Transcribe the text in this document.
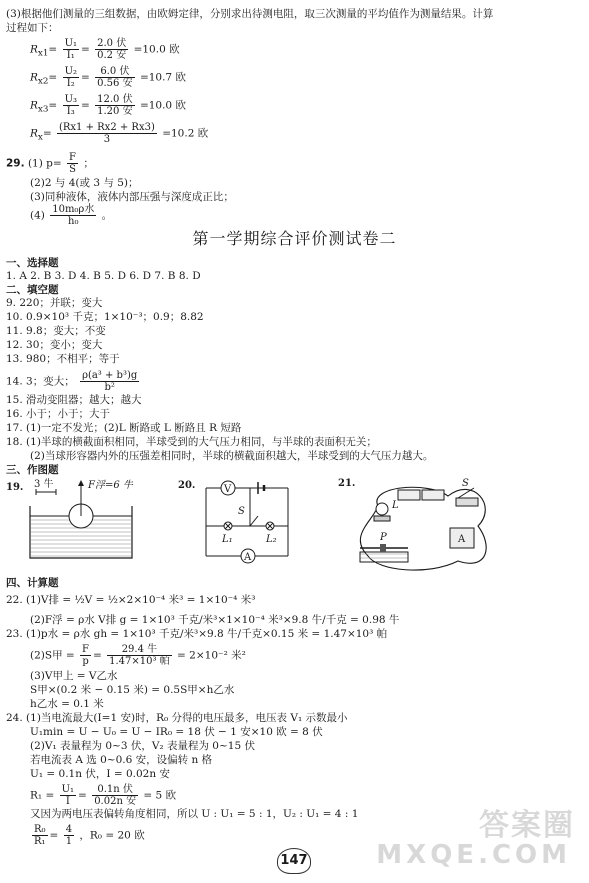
(3)根据他们测量的三组数据，由欧姆定律，分别求出待测电阻，取三次测量的平均值作为测量结果。计算
过程如下：
$R_{x1}= \frac{\text{U₁}}{\text{I₁}} = \frac{\text{2.0 伏}}{\text{0.2 安}} =10.0$ 欧
$R_{x2}= \frac{\text{U₂}}{\text{I₂}} = \frac{\text{6.0 伏}}{\text{0.56 安}} =10.7$ 欧
$R_{x3}= \frac{\text{U₃}}{\text{I₃}} = \frac{\text{12.0 伏}}{\text{1.20 安}} =10.0$ 欧
$R_x= \frac{(Rx1 + Rx2 + Rx3)}{3} =10.2$ 欧
29. (1) $p= \frac{F}{S}$ ；
(2)2 与 4(或 3 与 5)；
(3)同种液体，液体内部压强与深度成正比；
$(4) \frac{\text{10m₀ρ水}}{\text{h₀}}$ 。
第一学期综合评价测试卷二
一、选择题
1. A 2. B 3. D 4. B 5. D 6. D 7. B 8. D
二、填空题
9. 220；并联；变大
10. 0.9×10³ 千克；1×10⁻³；0.9；8.82
11. 9.8；变大；不变
12. 30；变小；变大
13. 980；不相平；等于
14. 3；变大； $\frac{\text{ρ(a³ + b³)g}}{\text{b²}}$
15. 滑动变阻器；越大；越大
16. 小于；小于；大于
17. (1)一定不发光；(2)L 断路或 L 断路且 R 短路
18. (1)半球的横截面积相同，半球受到的大气压力相同，与半球的表面积无关；
(2)当球形容器内外的压强差相同时，半球的横截面积越大，半球受到的大气压力越大。
三、作图题
19. 3 牛	F浮=6 牛	20.	V
S
L₁	L₂
A
21.
L
S
A
P
四、计算题
22. (1)V排 = ½V = ½×2×10⁻⁴ 米³ = 1×10⁻⁴ 米³
(2)F浮 = ρ水 V排 g = 1×10³ 千克/米³×1×10⁻⁴ 米³×9.8 牛/千克 = 0.98 牛
23. (1)p水 = ρ水 gh = 1×10³ 千克/米³×9.8 牛/千克×0.15 米 = 1.47×10³ 帕
(2)S甲 = $\frac{F}{p} = \frac{\text{29.4 牛}}{\text{1.47×10³ 帕}} = 2\times 10^{-2}$ 米²
(3)V甲上 = V乙水
S甲×(0.2 米 − 0.15 米) = 0.5S甲×h乙水
h乙水 = 0.1 米
24. (1)当电流最大(I=1 安)时，R₀ 分得的电压最多，电压表 V₁ 示数最小
U₁min = U − U₀ = U − IR₀ = 18 伏 − 1 安×10 欧 = 8 伏
(2)V₁ 表量程为 0~3 伏，V₂ 表量程为 0~15 伏
若电流表 A 选 0~0.6 安，设偏转 n 格
U₁ = 0.1n 伏，I = 0.02n 安
$R_1 = \frac{\text{U₁}}{I} = \frac{\text{0.1n 伏}}{\text{0.02n 安}} = 5$ 欧
又因为两电压表偏转角度相同，所以 U : U₁ = 5 : 1，U₂ : U₁ = 4 : 1
$\frac{\text{R₀}}{\text{R₁}} = \frac{4}{1}$ ，R₀ = 20 欧
147
答案圈
MXQE.COM
